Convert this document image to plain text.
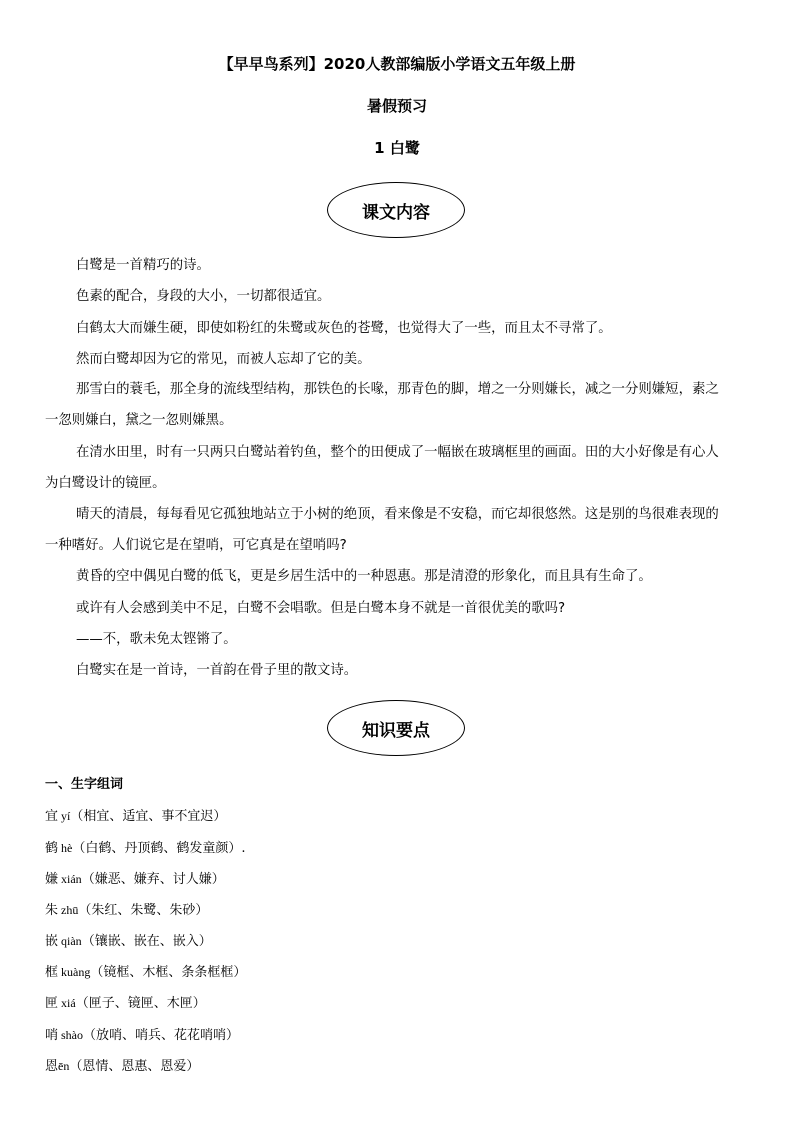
【早早鸟系列】2020人教部编版小学语文五年级上册
暑假预习
1 白鹭
课文内容
白鹭是一首精巧的诗。
色素的配合，身段的大小，一切都很适宜。
白鹤太大而嫌生硬，即使如粉红的朱鹭或灰色的苍鹭，也觉得大了一些，而且太不寻常了。
然而白鹭却因为它的常见，而被人忘却了它的美。
那雪白的蓑毛，那全身的流线型结构，那铁色的长喙，那青色的脚，增之一分则嫌长，减之一分则嫌短，素之
一忽则嫌白，黛之一忽则嫌黑。
在清水田里，时有一只两只白鹭站着钓鱼，整个的田便成了一幅嵌在玻璃框里的画面。田的大小好像是有心人
为白鹭设计的镜匣。
晴天的清晨，每每看见它孤独地站立于小树的绝顶，看来像是不安稳，而它却很悠然。这是别的鸟很难表现的
一种嗜好。人们说它是在望哨，可它真是在望哨吗?
黄昏的空中偶见白鹭的低飞，更是乡居生活中的一种恩惠。那是清澄的形象化，而且具有生命了。
或许有人会感到美中不足，白鹭不会唱歌。但是白鹭本身不就是一首很优美的歌吗?
——不，歌未免太铿锵了。
白鹭实在是一首诗，一首韵在骨子里的散文诗。
知识要点
一、生字组词
宜 yí（相宜、适宜、事不宜迟）
鹤 hè（白鹤、丹顶鹤、鹤发童颜）.
嫌 xián（嫌恶、嫌弃、讨人嫌）
朱 zhū（朱红、朱鹭、朱砂）
嵌 qiàn（镶嵌、嵌在、嵌入）
框 kuàng（镜框、木框、条条框框）
匣 xiá（匣子、镜匣、木匣）
哨 shào（放哨、哨兵、花花哨哨）
恩ēn（恩情、恩惠、恩爱）
